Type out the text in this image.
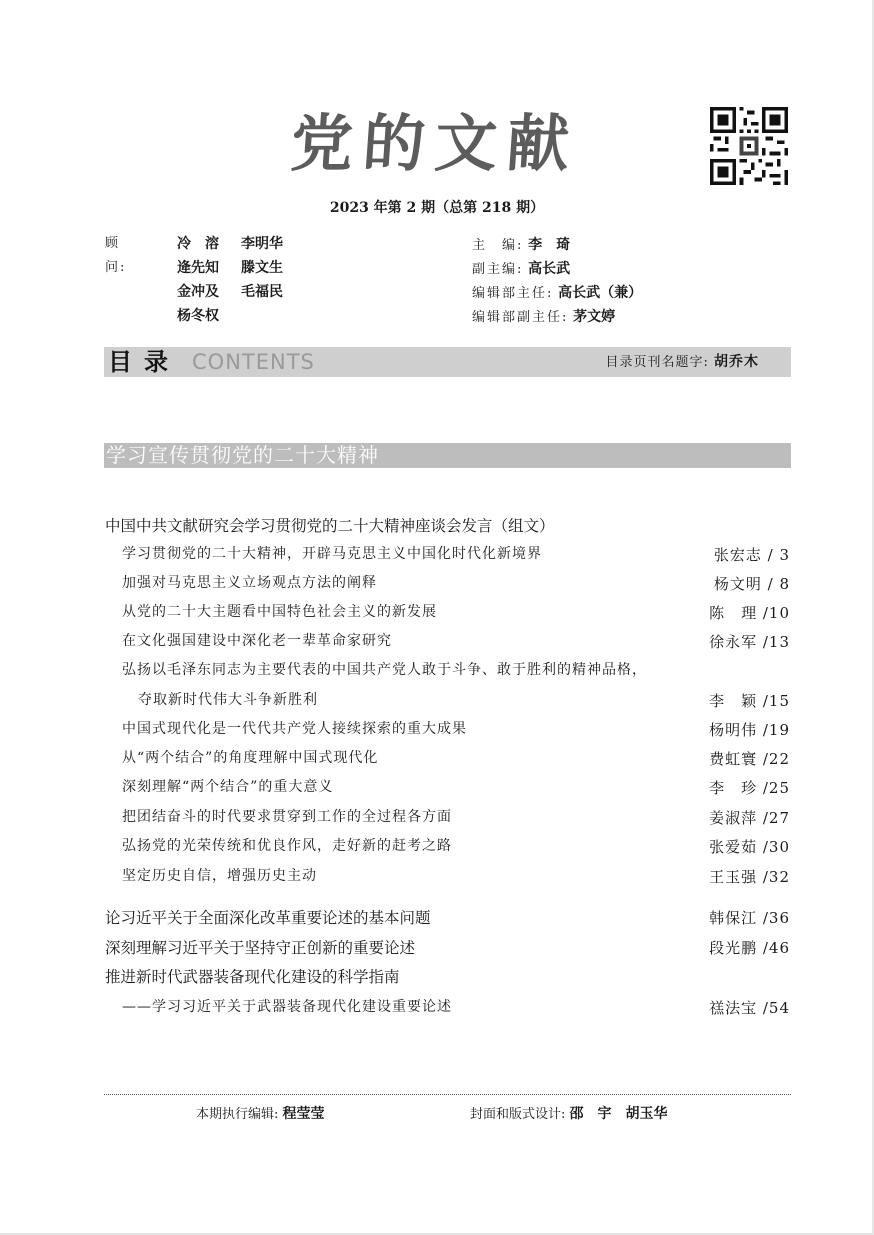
党的文献
2023 年第 2 期（总第 218 期）
顾　问:
冷　溶 李明华
逄先知 滕文生
金冲及 毛福民
杨冬权
主　编: 李　琦
副主编: 高长武
编辑部主任: 高长武（兼）
编辑部副主任: 茅文婷
目录 CONTENTS	目录页刊名题字: 胡乔木
学习宣传贯彻党的二十大精神
中国中共文献研究会学习贯彻党的二十大精神座谈会发言（组文）
学习贯彻党的二十大精神，开辟马克思主义中国化时代化新境界	张宏志 / 3
加强对马克思主义立场观点方法的阐释	杨文明 / 8
从党的二十大主题看中国特色社会主义的新发展	陈　理 /10
在文化强国建设中深化老一辈革命家研究	徐永军 /13
弘扬以毛泽东同志为主要代表的中国共产党人敢于斗争、敢于胜利的精神品格，
夺取新时代伟大斗争新胜利	李　颖 /15
中国式现代化是一代代共产党人接续探索的重大成果	杨明伟 /19
从“两个结合”的角度理解中国式现代化	费虹寰 /22
深刻理解“两个结合”的重大意义	李　珍 /25
把团结奋斗的时代要求贯穿到工作的全过程各方面	姜淑萍 /27
弘扬党的光荣传统和优良作风，走好新的赶考之路	张爱茹 /30
坚定历史自信，增强历史主动	王玉强 /32
论习近平关于全面深化改革重要论述的基本问题	韩保江 /36
深刻理解习近平关于坚持守正创新的重要论述	段光鹏 /46
推进新时代武器装备现代化建设的科学指南
——学习习近平关于武器装备现代化建设重要论述	禚法宝 /54
本期执行编辑: 程莹莹	封面和版式设计: 邵　宇　胡玉华
